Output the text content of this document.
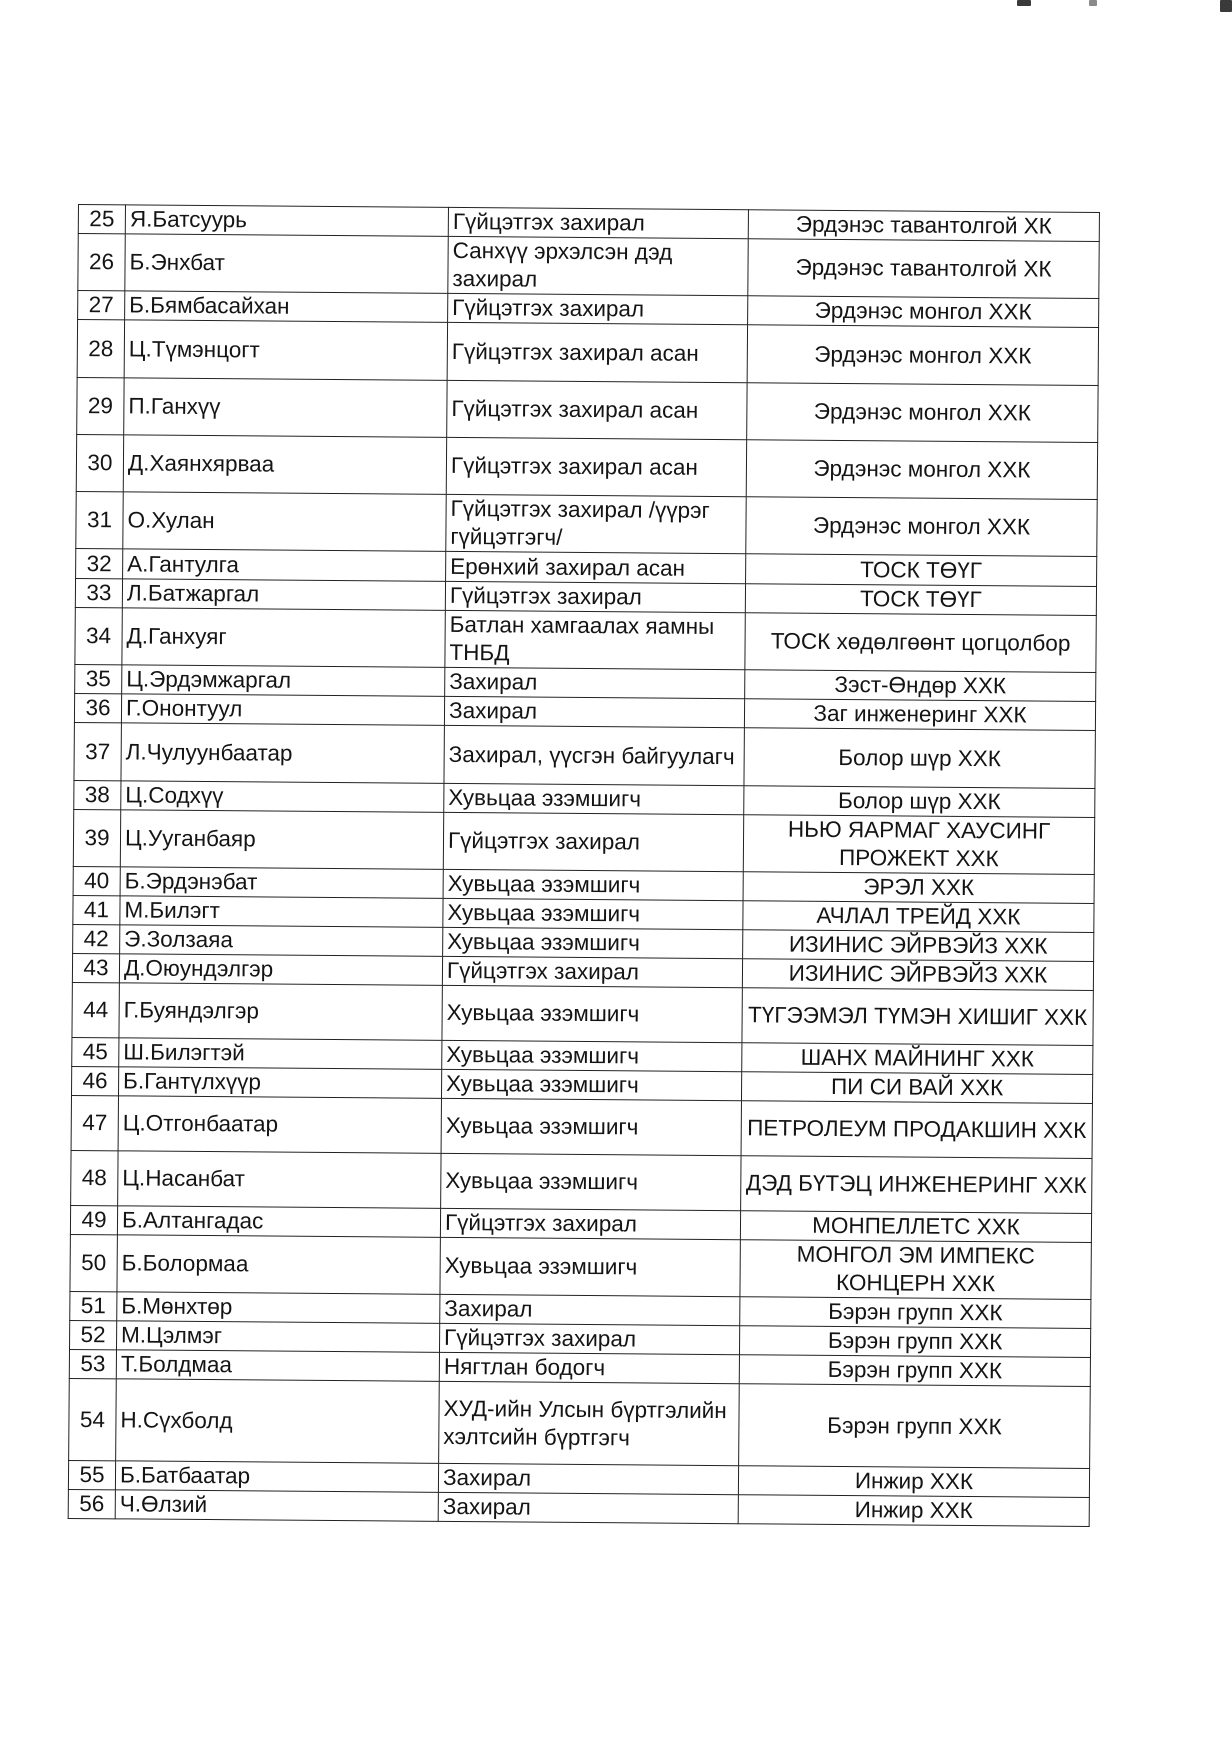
25	Я.Батсуурь	Гүйцэтгэх захирал	Эрдэнэс тавантолгой ХК
26	Б.Энхбат	Санхүү эрхэлсэн дэд захирал	Эрдэнэс тавантолгой ХК
27	Б.Бямбасайхан	Гүйцэтгэх захирал	Эрдэнэс монгол ХХК
28	Ц.Түмэнцогт	Гүйцэтгэх захирал асан	Эрдэнэс монгол ХХК
29	П.Ганхүү	Гүйцэтгэх захирал асан	Эрдэнэс монгол ХХК
30	Д.Хаянхярваа	Гүйцэтгэх захирал асан	Эрдэнэс монгол ХХК
31	О.Хулан	Гүйцэтгэх захирал /үүрэг гүйцэтгэгч/	Эрдэнэс монгол ХХК
32	А.Гантулга	Ерөнхий захирал асан	ТОСК ТӨҮГ
33	Л.Батжаргал	Гүйцэтгэх захирал	ТОСК ТӨҮГ
34	Д.Ганхуяг	Батлан хамгаалах яамны ТНБД	ТОСК хөдөлгөөнт цогцолбор
35	Ц.Эрдэмжаргал	Захирал	Зэст-Өндөр ХХК
36	Г.Ононтуул	Захирал	Заг инженеринг ХХК
37	Л.Чулуунбаатар	Захирал, үүсгэн байгуулагч	Болор шүр ХХК
38	Ц.Содхүү	Хувьцаа эзэмшигч	Болор шүр ХХК
39	Ц.Ууганбаяр	Гүйцэтгэх захирал	НЬЮ ЯАРМАГ ХАУСИНГ ПРОЖЕКТ ХХК
40	Б.Эрдэнэбат	Хувьцаа эзэмшигч	ЭРЭЛ ХХК
41	М.Билэгт	Хувьцаа эзэмшигч	АЧЛАЛ ТРЕЙД ХХК
42	Э.Золзаяа	Хувьцаа эзэмшигч	ИЗИНИС ЭЙРВЭЙЗ ХХК
43	Д.Оюундэлгэр	Гүйцэтгэх захирал	ИЗИНИС ЭЙРВЭЙЗ ХХК
44	Г.Буяндэлгэр	Хувьцаа эзэмшигч	ТҮГЭЭМЭЛ ТҮМЭН ХИШИГ ХХК
45	Ш.Билэгтэй	Хувьцаа эзэмшигч	ШАНХ МАЙНИНГ ХХК
46	Б.Гантүлхүүр	Хувьцаа эзэмшигч	ПИ СИ ВАЙ ХХК
47	Ц.Отгонбаатар	Хувьцаа эзэмшигч	ПЕТРОЛЕУМ ПРОДАКШИН ХХК
48	Ц.Насанбат	Хувьцаа эзэмшигч	ДЭД БҮТЭЦ ИНЖЕНЕРИНГ ХХК
49	Б.Алтангадас	Гүйцэтгэх захирал	МОНПЕЛЛЕТС ХХК
50	Б.Болормаа	Хувьцаа эзэмшигч	МОНГОЛ ЭМ ИМПЕКС КОНЦЕРН ХХК
51	Б.Мөнхтөр	Захирал	Бэрэн групп ХХК
52	М.Цэлмэг	Гүйцэтгэх захирал	Бэрэн групп ХХК
53	Т.Болдмаа	Нягтлан бодогч	Бэрэн групп ХХК
54	Н.Сүхболд	ХУД-ийн Улсын бүртгэлийн хэлтсийн бүртгэгч	Бэрэн групп ХХК
55	Б.Батбаатар	Захирал	Инжир ХХК
56	Ч.Өлзий	Захирал	Инжир ХХК
